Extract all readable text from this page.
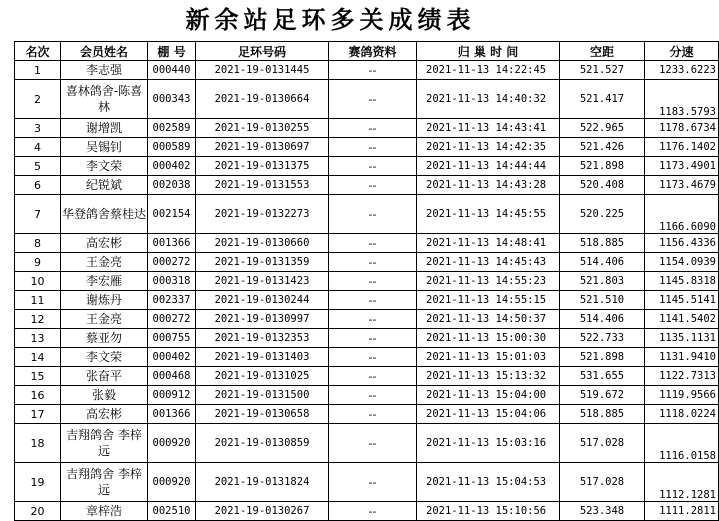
新余站足环多关成绩表
名次	会员姓名	棚 号	足环号码	赛鸽资料	归 巢 时 间	空距	分速
1	李志强	000440	2021-19-0131445	--	2021-11-13 14:22:45	521.527	1233.6223
2	喜林鸽舍-陈喜林	000343	2021-19-0130664	--	2021-11-13 14:40:32	521.417	1183.5793
3	谢增凯	002589	2021-19-0130255	--	2021-11-13 14:43:41	522.965	1178.6734
4	吴锡钊	000589	2021-19-0130697	--	2021-11-13 14:42:35	521.426	1176.1402
5	李文荣	000402	2021-19-0131375	--	2021-11-13 14:44:44	521.898	1173.4901
6	纪锐斌	002038	2021-19-0131553	--	2021-11-13 14:43:28	520.408	1173.4679
7	华登鸽舍蔡桂达	002154	2021-19-0132273	--	2021-11-13 14:45:55	520.225	1166.6090
8	高宏彬	001366	2021-19-0130660	--	2021-11-13 14:48:41	518.885	1156.4336
9	王金亮	000272	2021-19-0131359	--	2021-11-13 14:45:43	514.406	1154.0939
10	李宏雁	000318	2021-19-0131423	--	2021-11-13 14:55:23	521.803	1145.8318
11	谢炼丹	002337	2021-19-0130244	--	2021-11-13 14:55:15	521.510	1145.5141
12	王金亮	000272	2021-19-0130997	--	2021-11-13 14:50:37	514.406	1141.5402
13	蔡亚勿	000755	2021-19-0132353	--	2021-11-13 15:00:30	522.733	1135.1131
14	李文荣	000402	2021-19-0131403	--	2021-11-13 15:01:03	521.898	1131.9410
15	张奋平	000468	2021-19-0131025	--	2021-11-13 15:13:32	531.655	1122.7313
16	张毅	000912	2021-19-0131500	--	2021-11-13 15:04:00	519.672	1119.9566
17	高宏彬	001366	2021-19-0130658	--	2021-11-13 15:04:06	518.885	1118.0224
18	吉翔鸽舍 李梓远	000920	2021-19-0130859	--	2021-11-13 15:03:16	517.028	1116.0158
19	吉翔鸽舍 李梓远	000920	2021-19-0131824	--	2021-11-13 15:04:53	517.028	1112.1281
20	章梓浩	002510	2021-19-0130267	--	2021-11-13 15:10:56	523.348	1111.2811
